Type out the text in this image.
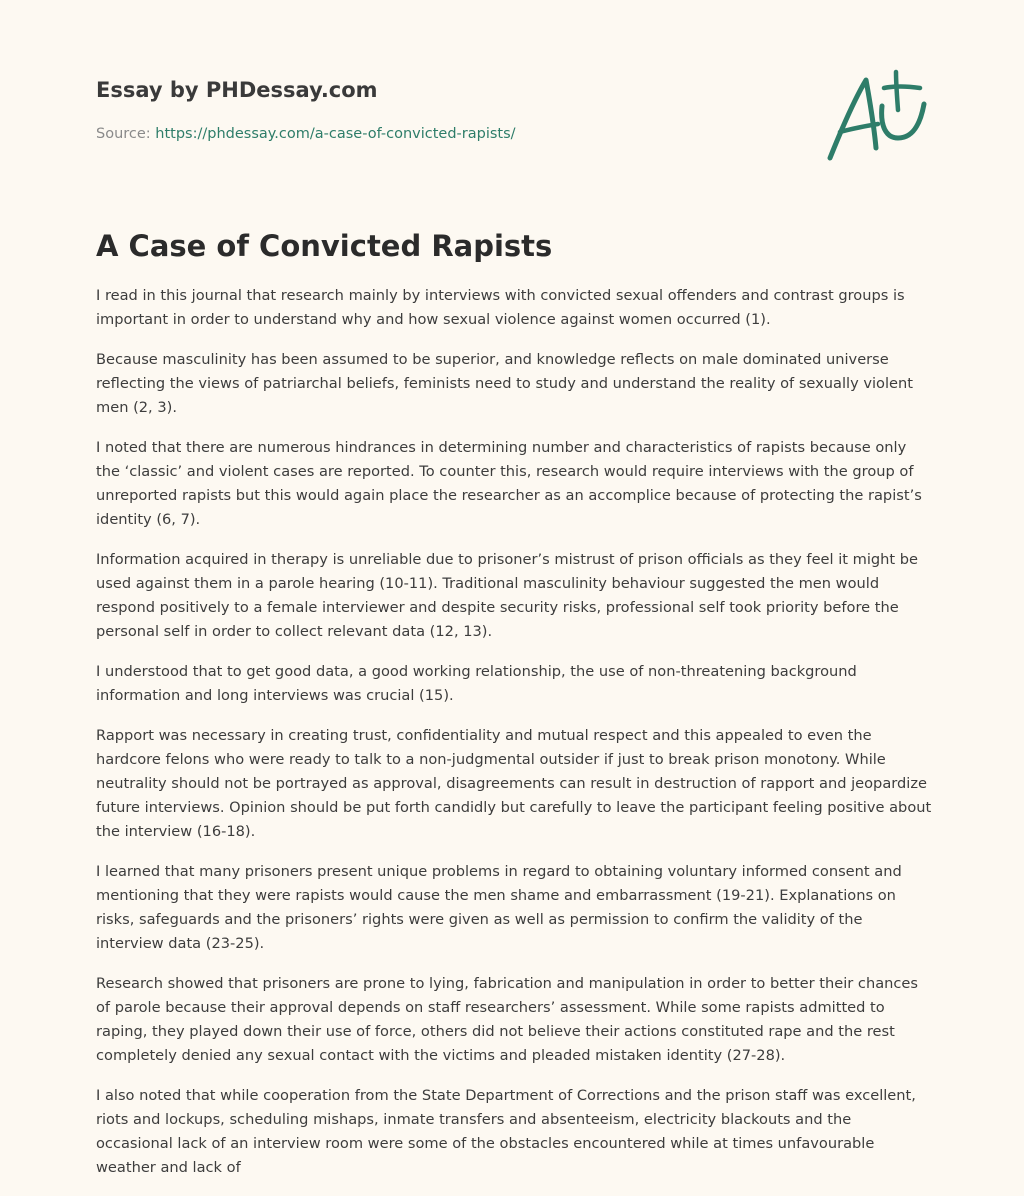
Essay by PHDessay.com
Source: https://phdessay.com/a-case-of-convicted-rapists/
A Case of Convicted Rapists

I read in this journal that research mainly by interviews with convicted sexual offenders and contrast groups is important in order to understand why and how sexual violence against women occurred (1).

Because masculinity has been assumed to be superior, and knowledge reflects on male dominated universe reflecting the views of patriarchal beliefs, feminists need to study and understand the reality of sexually violent men (2, 3).

I noted that there are numerous hindrances in determining number and characteristics of rapists because only the ‘classic’ and violent cases are reported. To counter this, research would require interviews with the group of unreported rapists but this would again place the researcher as an accomplice because of protecting the rapist’s identity (6, 7).

Information acquired in therapy is unreliable due to prisoner’s mistrust of prison officials as they feel it might be used against them in a parole hearing (10-11). Traditional masculinity behaviour suggested the men would respond positively to a female interviewer and despite security risks, professional self took priority before the personal self in order to collect relevant data (12, 13).

I understood that to get good data, a good working relationship, the use of non-threatening background information and long interviews was crucial (15).

Rapport was necessary in creating trust, confidentiality and mutual respect and this appealed to even the hardcore felons who were ready to talk to a non-judgmental outsider if just to break prison monotony. While neutrality should not be portrayed as approval, disagreements can result in destruction of rapport and jeopardize future interviews. Opinion should be put forth candidly but carefully to leave the participant feeling positive about the interview (16-18).

I learned that many prisoners present unique problems in regard to obtaining voluntary informed consent and mentioning that they were rapists would cause the men shame and embarrassment (19-21). Explanations on risks, safeguards and the prisoners’ rights were given as well as permission to confirm the validity of the interview data (23-25).

Research showed that prisoners are prone to lying, fabrication and manipulation in order to better their chances of parole because their approval depends on staff researchers’ assessment. While some rapists admitted to raping, they played down their use of force, others did not believe their actions constituted rape and the rest completely denied any sexual contact with the victims and pleaded mistaken identity (27-28).

I also noted that while cooperation from the State Department of Corrections and the prison staff was excellent, riots and lockups, scheduling mishaps, inmate transfers and absenteeism, electricity blackouts and the occasional lack of an interview room were some of the obstacles encountered while at times unfavourable weather and lack of
